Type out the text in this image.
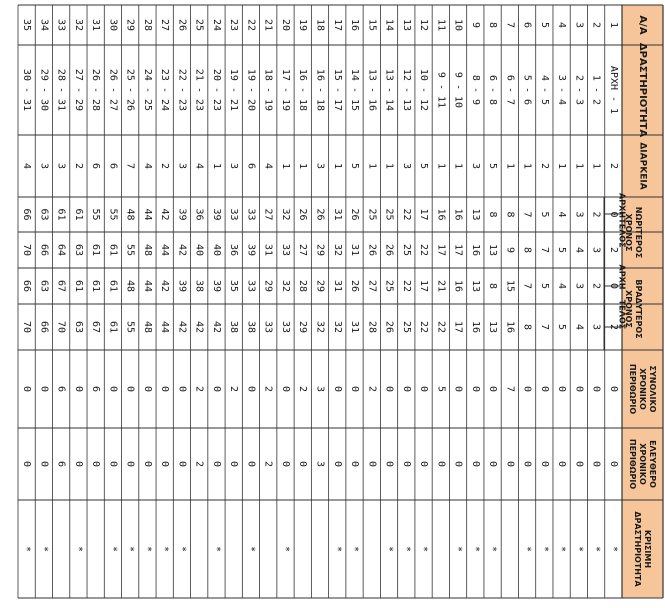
Α/Α
ΔΡΑΣΤΗΡΙΟΤΗΤΑ
ΔΙΑΡΚΕΙΑ
ΝΩΡΙΤΕΡΟΣ
ΧΡΟΝΟΣ
ΒΡΑΔΥΤΕΡΟΣ
ΧΡΟΝΟΣ
ΑΡΧΗ
ΤΕΛΟΣ
ΑΡΧΗ
ΤΕΛΟΣ
ΣΥΝΟΛΙΚΟ
ΧΡΟΝΙΚΟ
ΠΕΡΙΘΩΡΙΟ
ΕΛΕΥΘΕΡΟ
ΧΡΟΝΙΚΟ
ΠΕΡΙΘΩΡΙΟ
ΚΡΙΣΙΜΗ
ΔΡΑΣΤΗΡΙΟΤΗΤΑ
1
ΑΡΧΗ - 1
2
0
2
0
2
0
0
*
2
1 - 2
1
2
3
2
3
0
0
*
3
2 - 3
1
3
4
3
4
0
0
*
4
3 - 4
1
4
5
4
5
0
0
*
5
4 - 5
2
5
7
5
7
0
0
*
6
5 - 6
1
7
8
7
8
0
0
*
7
6 - 7
1
8
9
15
16
7
0
8
6 - 8
5
8
13
8
13
0
0
*
9
8 - 9
3
13
16
13
16
0
0
*
10
9 - 10
1
16
17
16
17
0
0
*
11
9 - 11
1
16
17
21
22
5
0
12
10 - 12
5
17
22
17
22
0
0
*
13
12 - 13
3
22
25
22
25
0
0
*
14
13 - 14
1
25
26
25
26
0
0
*
15
13 - 16
1
25
26
27
28
2
0
16
14 - 15
5
26
31
26
31
0
0
*
17
15 - 17
1
31
32
31
32
0
0
*
18
16 - 18
3
26
29
29
32
3
3
19
16 - 18
1
26
27
28
29
2
0
20
17 - 19
1
32
33
32
33
0
0
*
21
18 - 19
4
27
31
29
33
2
2
22
19 - 20
6
33
39
33
38
0
0
*
23
19 - 21
3
33
36
35
38
2
0
24
20 - 23
1
39
40
39
42
0
0
*
25
21 - 23
4
36
40
38
42
2
2
26
22 - 23
3
39
42
39
42
0
0
*
27
23 - 24
2
42
44
42
44
0
0
*
28
24 - 25
4
44
48
44
48
0
0
*
29
25 - 26
7
48
55
48
55
0
0
*
30
26 - 27
6
55
61
61
61
0
0
*
31
26 - 28
6
55
61
61
67
6
0
32
27 - 29
2
61
63
61
63
0
0
*
33
28 - 31
3
61
64
67
70
6
6
34
29 - 30
3
63
66
63
66
0
0
*
35
30 - 31
4
66
70
66
70
0
0
*
